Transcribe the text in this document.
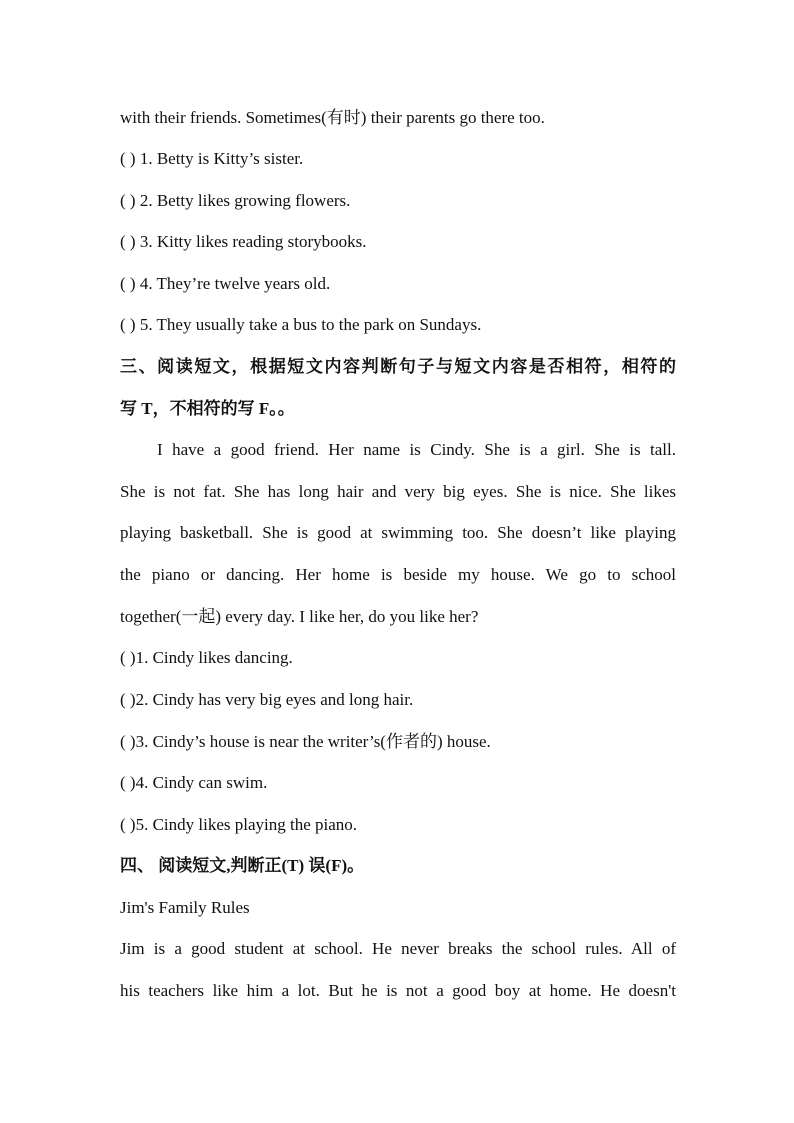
with their friends. Sometimes(有时) their parents go there too.
( ) 1. Betty is Kitty’s sister.
( ) 2. Betty likes growing flowers.
( ) 3. Kitty likes reading storybooks.
( ) 4. They’re twelve years old.
( ) 5. They usually take a bus to the park on Sundays.
三、阅读短文，根据短文内容判断句子与短文内容是否相符，相符的
写 T，不相符的写 F。。
I have a good friend. Her name is Cindy. She is a girl. She is tall.
She is not fat. She has long hair and very big eyes. She is nice. She likes
playing basketball. She is good at swimming too. She doesn’t like playing
the piano or dancing. Her home is beside my house. We go to school
together(一起) every day. I like her, do you like her?
( )1. Cindy likes dancing.
( )2. Cindy has very big eyes and long hair.
( )3. Cindy’s house is near the writer’s(作者的) house.
( )4. Cindy can swim.
( )5. Cindy likes playing the piano.
四、 阅读短文,判断正(T) 误(F)。
Jim's Family Rules
Jim is a good student at school. He never breaks the school rules. All of
his teachers like him a lot. But he is not a good boy at home. He doesn't
